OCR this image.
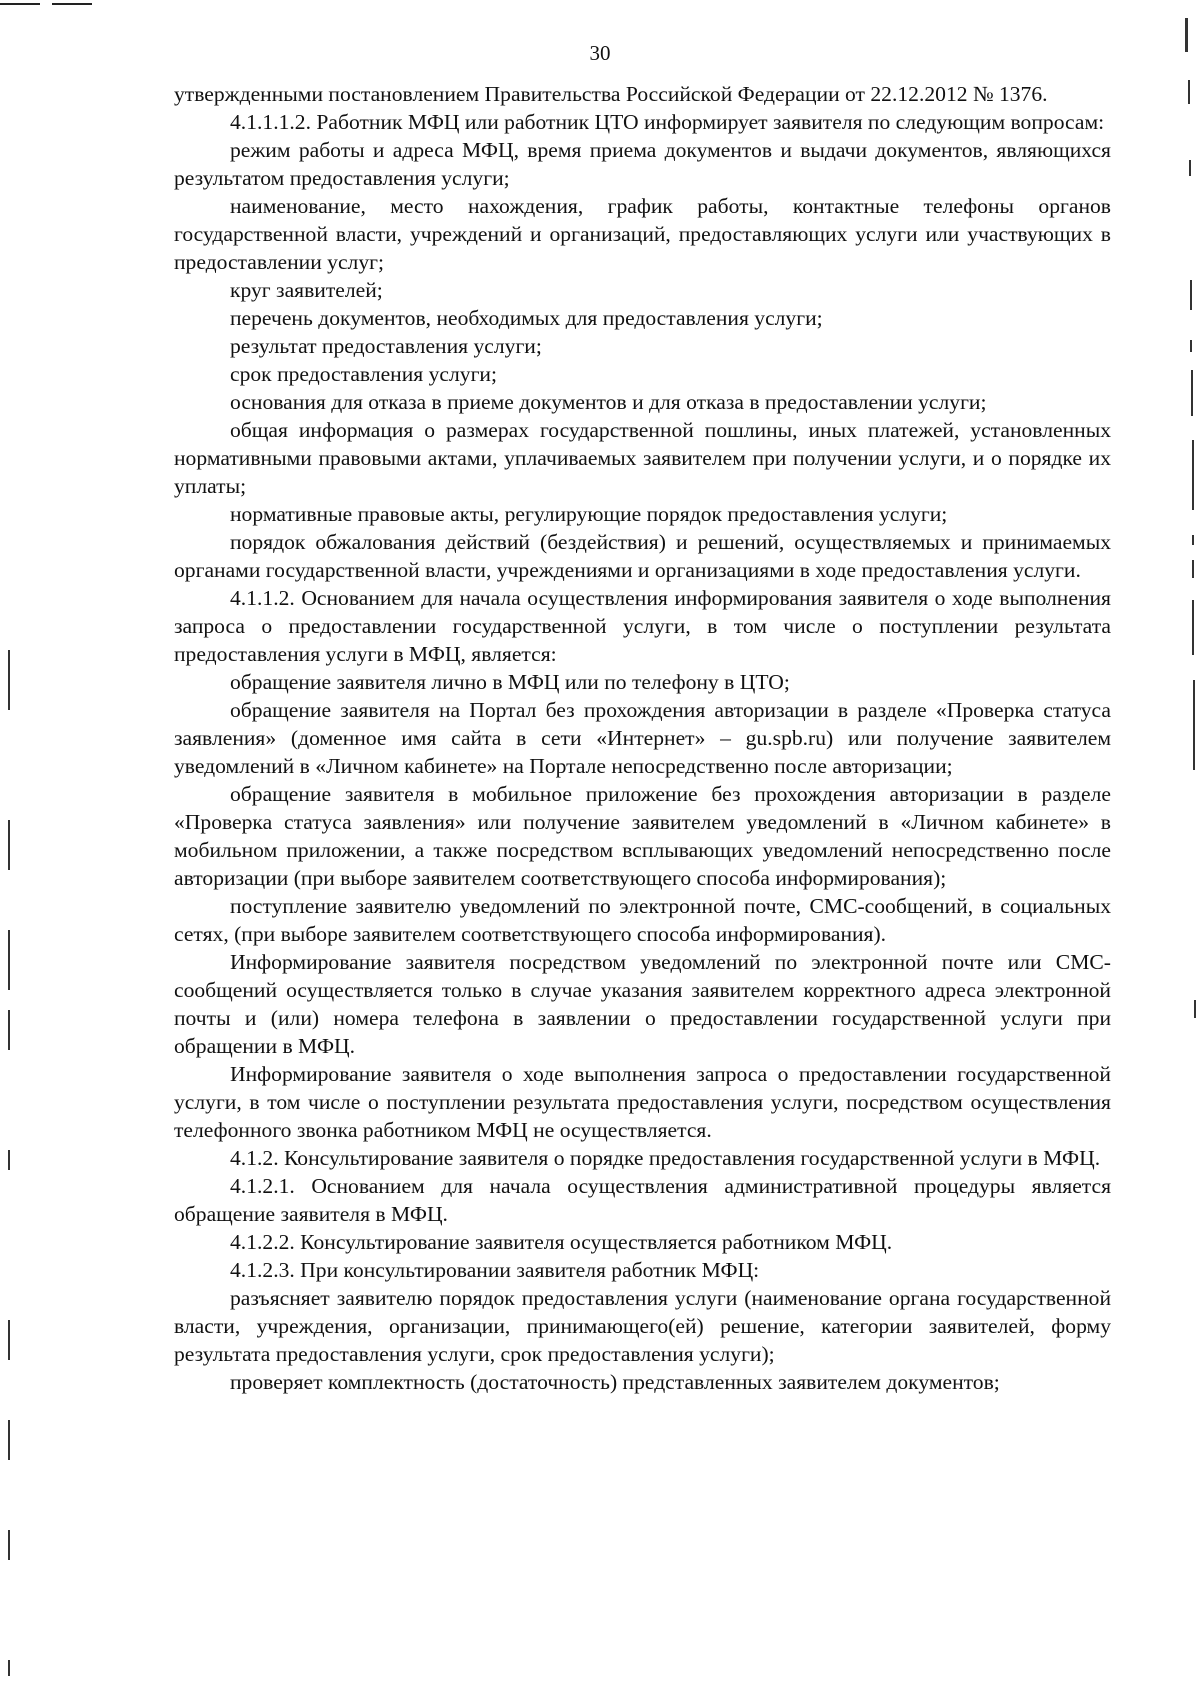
30

утвержденными постановлением Правительства Российской Федерации от 22.12.2012 № 1376.

4.1.1.1.2. Работник МФЦ или работник ЦТО информирует заявителя по следующим вопросам:

режим работы и адреса МФЦ, время приема документов и выдачи документов, являющихся результатом предоставления услуги;

наименование, место нахождения, график работы, контактные телефоны органов государственной власти, учреждений и организаций, предоставляющих услуги или участвующих в предоставлении услуг;

круг заявителей;

перечень документов, необходимых для предоставления услуги;

результат предоставления услуги;

срок предоставления услуги;

основания для отказа в приеме документов и для отказа в предоставлении услуги;

общая информация о размерах государственной пошлины, иных платежей, установленных нормативными правовыми актами, уплачиваемых заявителем при получении услуги, и о порядке их уплаты;

нормативные правовые акты, регулирующие порядок предоставления услуги;

порядок обжалования действий (бездействия) и решений, осуществляемых и принимаемых органами государственной власти, учреждениями и организациями в ходе предоставления услуги.

4.1.1.2. Основанием для начала осуществления информирования заявителя о ходе выполнения запроса о предоставлении государственной услуги, в том числе о поступлении результата предоставления услуги в МФЦ, является:

обращение заявителя лично в МФЦ или по телефону в ЦТО;

обращение заявителя на Портал без прохождения авторизации в разделе «Проверка статуса заявления» (доменное имя сайта в сети «Интернет» – gu.spb.ru) или получение заявителем уведомлений в «Личном кабинете» на Портале непосредственно после авторизации;

обращение заявителя в мобильное приложение без прохождения авторизации в разделе «Проверка статуса заявления» или получение заявителем уведомлений в «Личном кабинете» в мобильном приложении, а также посредством всплывающих уведомлений непосредственно после авторизации (при выборе заявителем соответствующего способа информирования);

поступление заявителю уведомлений по электронной почте, СМС-сообщений, в социальных сетях, (при выборе заявителем соответствующего способа информирования).

Информирование заявителя посредством уведомлений по электронной почте или СМС-сообщений осуществляется только в случае указания заявителем корректного адреса электронной почты и (или) номера телефона в заявлении о предоставлении государственной услуги при обращении в МФЦ.

Информирование заявителя о ходе выполнения запроса о предоставлении государственной услуги, в том числе о поступлении результата предоставления услуги, посредством осуществления телефонного звонка работником МФЦ не осуществляется.

4.1.2. Консультирование заявителя о порядке предоставления государственной услуги в МФЦ.

4.1.2.1. Основанием для начала осуществления административной процедуры является обращение заявителя в МФЦ.

4.1.2.2. Консультирование заявителя осуществляется работником МФЦ.

4.1.2.3. При консультировании заявителя работник МФЦ:

разъясняет заявителю порядок предоставления услуги (наименование органа государственной власти, учреждения, организации, принимающего(ей) решение, категории заявителей, форму результата предоставления услуги, срок предоставления услуги);

проверяет комплектность (достаточность) представленных заявителем документов;
